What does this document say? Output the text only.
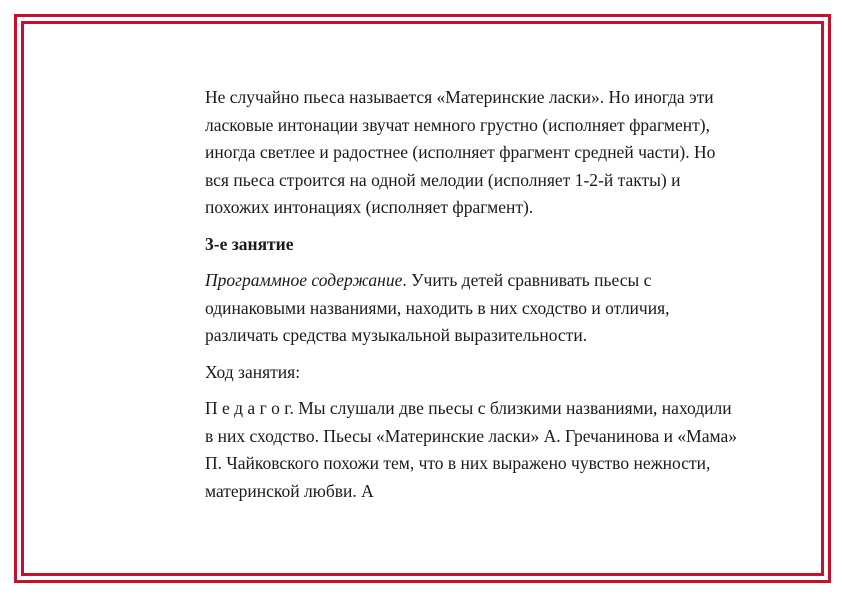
Не случайно пьеса называется «Материнские ласки». Но иногда эти ласковые интонации звучат немного грустно (исполняет фрагмент), иногда светлее и радостнее (исполняет фрагмент средней части). Но вся пьеса строится на одной мелодии (исполняет 1-2-й такты) и похожих интонациях (исполняет фрагмент).

3-е занятие

Программное содержание. Учить детей сравнивать пьесы с одинаковыми названиями, находить в них сходство и отличия, различать средства музыкальной выразительности.

Ход занятия:

П е д а г о г. Мы слушали две пьесы с близкими названиями, находили в них сходство. Пьесы «Материнские ласки» А. Гречанинова и «Мама» П. Чайковского похожи тем, что в них выражено чувство нежности, материнской любви. А
